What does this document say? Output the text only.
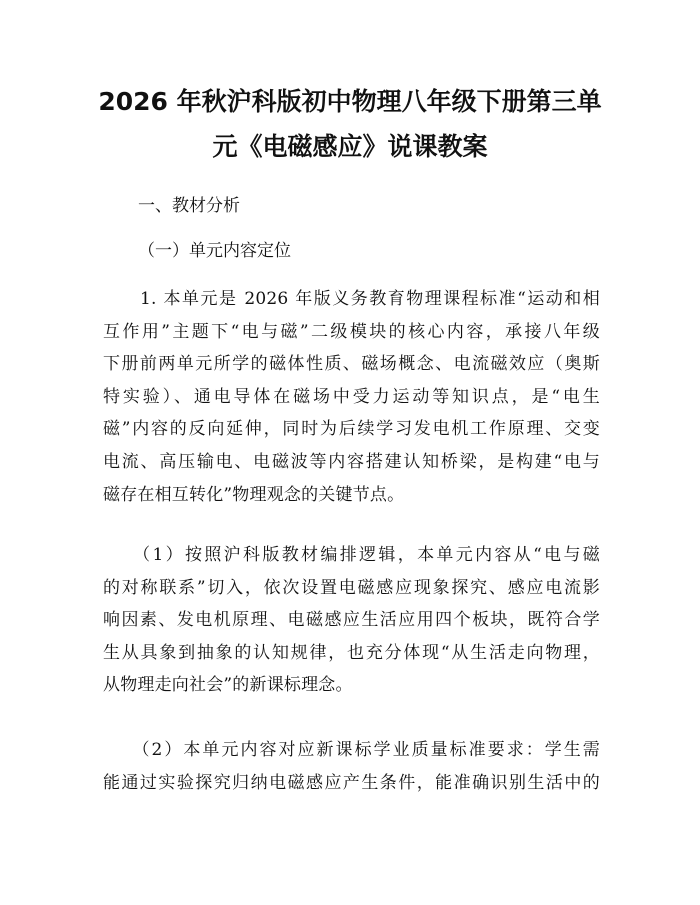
2026 年秋沪科版初中物理八年级下册第三单
元《电磁感应》说课教案

一、教材分析

（一）单元内容定位

　　1. 本单元是 2026 年版义务教育物理课程标准“运动和相
互作用”主题下“电与磁”二级模块的核心内容，承接八年级
下册前两单元所学的磁体性质、磁场概念、电流磁效应（奥斯
特实验）、通电导体在磁场中受力运动等知识点，是“电生
磁”内容的反向延伸，同时为后续学习发电机工作原理、交变
电流、高压输电、电磁波等内容搭建认知桥梁，是构建“电与
磁存在相互转化”物理观念的关键节点。

　　（1）按照沪科版教材编排逻辑，本单元内容从“电与磁
的对称联系”切入，依次设置电磁感应现象探究、感应电流影
响因素、发电机原理、电磁感应生活应用四个板块，既符合学
生从具象到抽象的认知规律，也充分体现“从生活走向物理，
从物理走向社会”的新课标理念。

　　（2）本单元内容对应新课标学业质量标准要求：学生需
能通过实验探究归纳电磁感应产生条件，能准确识别生活中的
